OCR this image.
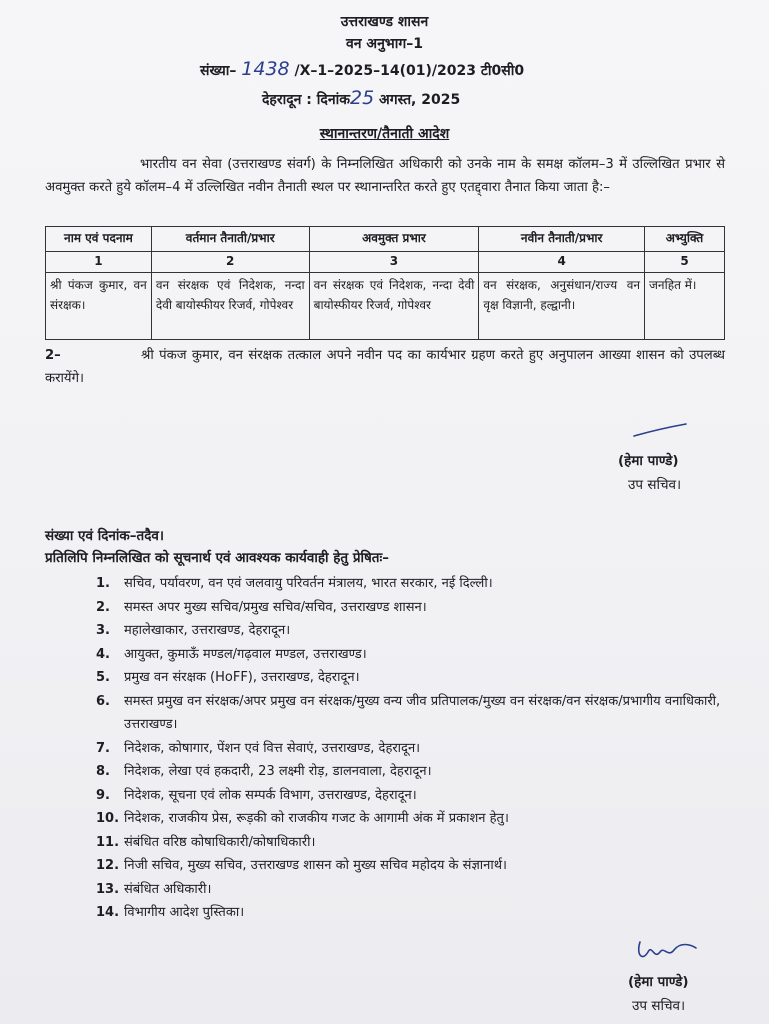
उत्तराखण्ड शासन
वन अनुभाग–1
संख्या– 1438 /X–1–2025–14(01)/2023 टी0सी0
देहरादून : दिनांक25 अगस्त, 2025
स्थानान्तरण/तैनाती आदेश
भारतीय वन सेवा (उत्तराखण्ड संवर्ग) के निम्नलिखित अधिकारी को उनके नाम के समक्ष कॉलम–3 में उल्लिखित प्रभार से अवमुक्त करते हुये कॉलम–4 में उल्लिखित नवीन तैनाती स्थल पर स्थानान्तरित करते हुए एतद्द्वारा तैनात किया जाता है:–
नाम एवं पदनाम	वर्तमान तैनाती/प्रभार	अवमुक्त प्रभार	नवीन तैनाती/प्रभार	अभ्युक्ति
1	2	3	4	5
श्री पंकज कुमार, वन संरक्षक।	वन संरक्षक एवं निदेशक, नन्दा देवी बायोस्फीयर रिजर्व, गोपेश्वर	वन संरक्षक एवं निदेशक, नन्दा देवी बायोस्फीयर रिजर्व, गोपेश्वर	वन संरक्षक, अनुसंधान/राज्य वन वृक्ष विज्ञानी, हल्द्वानी।	जनहित में।
2–	श्री पंकज कुमार, वन संरक्षक तत्काल अपने नवीन पद का कार्यभार ग्रहण करते हुए अनुपालन आख्या शासन को उपलब्ध करायेंगे।
(हेमा पाण्डे)
उप सचिव।
संख्या एवं दिनांक–तदैव।
प्रतिलिपि निम्नलिखित को सूचनार्थ एवं आवश्यक कार्यवाही हेतु प्रेषितः–
1. सचिव, पर्यावरण, वन एवं जलवायु परिवर्तन मंत्रालय, भारत सरकार, नई दिल्ली।
2. समस्त अपर मुख्य सचिव/प्रमुख सचिव/सचिव, उत्तराखण्ड शासन।
3. महालेखाकार, उत्तराखण्ड, देहरादून।
4. आयुक्त, कुमाऊँ मण्डल/गढ़वाल मण्डल, उत्तराखण्ड।
5. प्रमुख वन संरक्षक (HoFF), उत्तराखण्ड, देहरादून।
6. समस्त प्रमुख वन संरक्षक/अपर प्रमुख वन संरक्षक/मुख्य वन्य जीव प्रतिपालक/मुख्य वन संरक्षक/वन संरक्षक/प्रभागीय वनाधिकारी, उत्तराखण्ड।
7. निदेशक, कोषागार, पेंशन एवं वित्त सेवाएं, उत्तराखण्ड, देहरादून।
8. निदेशक, लेखा एवं हकदारी, 23 लक्ष्मी रोड़, डालनवाला, देहरादून।
9. निदेशक, सूचना एवं लोक सम्पर्क विभाग, उत्तराखण्ड, देहरादून।
10. निदेशक, राजकीय प्रेस, रूड़की को राजकीय गजट के आगामी अंक में प्रकाशन हेतु।
11. संबंधित वरिष्ठ कोषाधिकारी/कोषाधिकारी।
12. निजी सचिव, मुख्य सचिव, उत्तराखण्ड शासन को मुख्य सचिव महोदय के संज्ञानार्थ।
13. संबंधित अधिकारी।
14. विभागीय आदेश पुस्तिका।
(हेमा पाण्डे)
उप सचिव।
